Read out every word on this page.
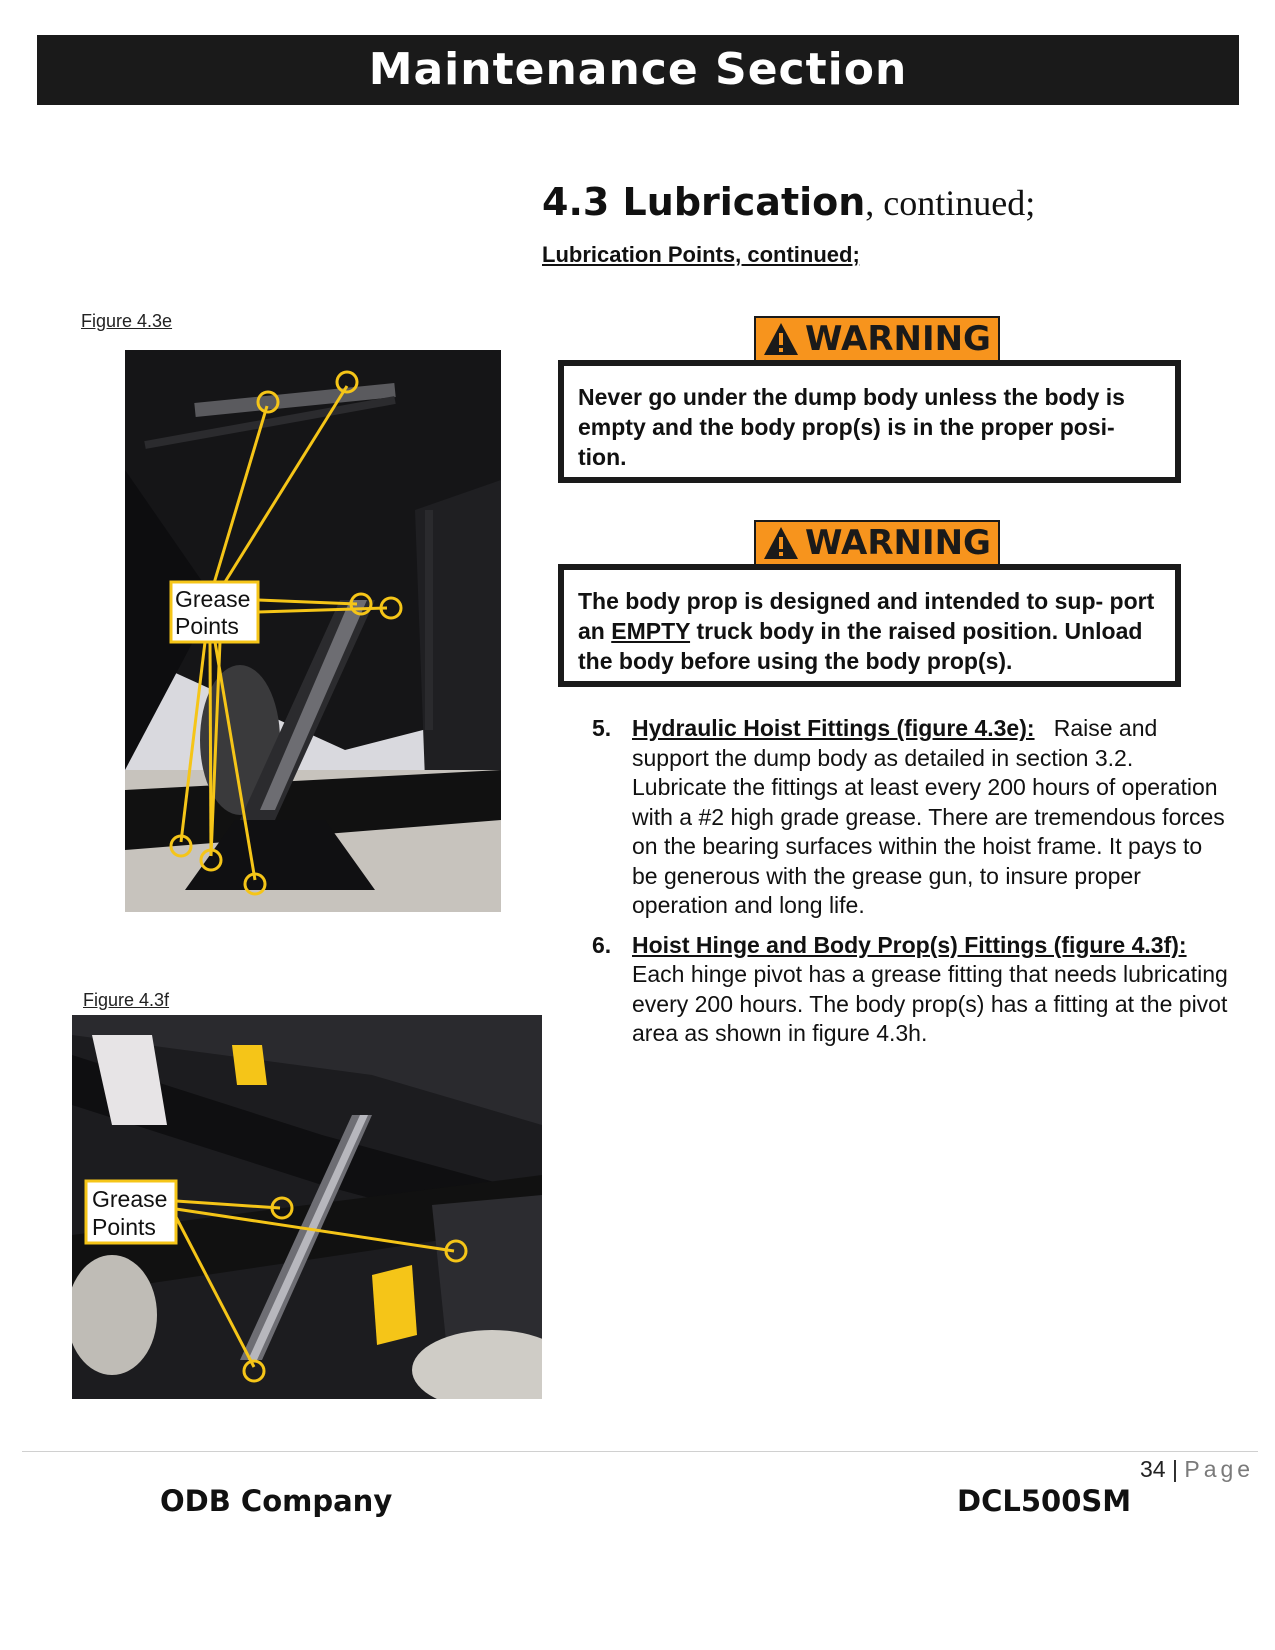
Maintenance Section
4.3 Lubrication, continued;
Lubrication Points, continued;
Figure 4.3e
Grease
Points
Figure 4.3f
Grease
Points
WARNING
Never go under the dump body unless the body is empty and the body prop(s) is in the proper posi- tion.
WARNING
The body prop is designed and intended to sup- port an EMPTY truck body in the raised position. Unload the body before using the body prop(s).
5. Hydraulic Hoist Fittings (figure 4.3e): Raise and support the dump body as detailed in section 3.2. Lubricate the fittings at least every 200 hours of operation with a #2 high grade grease. There are tremendous forces on the bearing surfaces within the hoist frame. It pays to be generous with the grease gun, to insure proper operation and long life.
6. Hoist Hinge and Body Prop(s) Fittings (figure 4.3f): Each hinge pivot has a grease fitting that needs lubricating every 200 hours. The body prop(s) has a fitting at the pivot area as shown in figure 4.3h.
34 | Page
ODB Company	DCL500SM
